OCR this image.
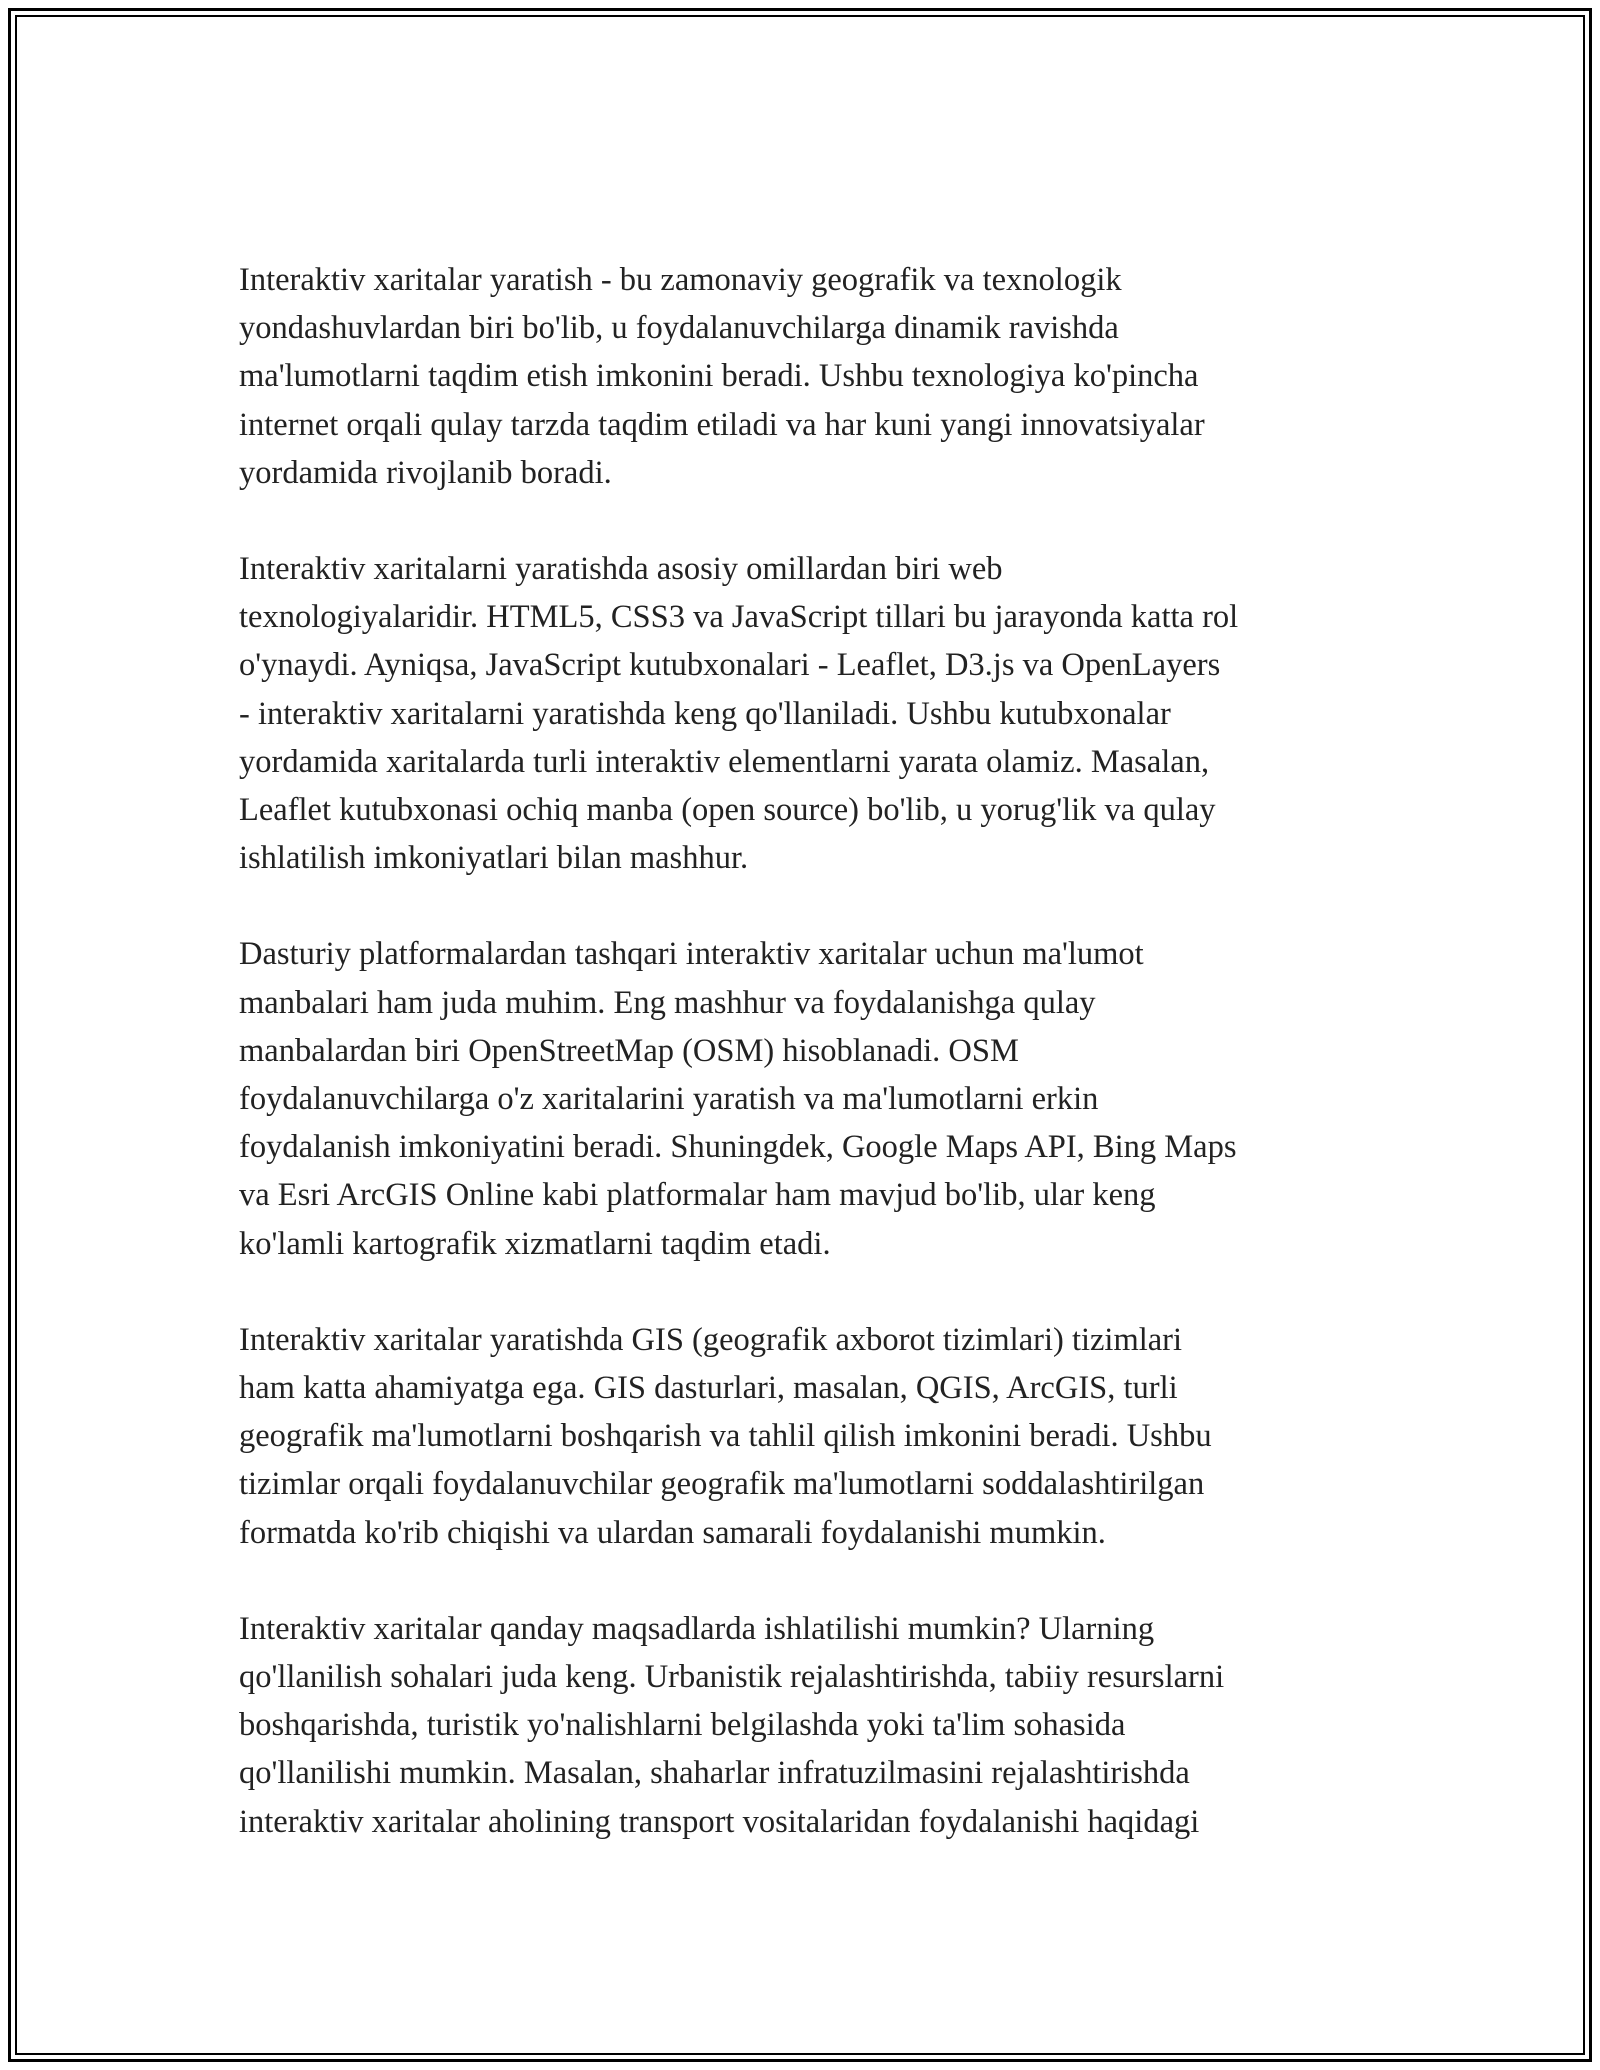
Interaktiv xaritalar yaratish - bu zamonaviy geografik va texnologik
yondashuvlardan biri bo'lib, u foydalanuvchilarga dinamik ravishda
ma'lumotlarni taqdim etish imkonini beradi. Ushbu texnologiya ko'pincha
internet orqali qulay tarzda taqdim etiladi va har kuni yangi innovatsiyalar
yordamida rivojlanib boradi.

Interaktiv xaritalarni yaratishda asosiy omillardan biri web
texnologiyalaridir. HTML5, CSS3 va JavaScript tillari bu jarayonda katta rol
o'ynaydi. Ayniqsa, JavaScript kutubxonalari - Leaflet, D3.js va OpenLayers
- interaktiv xaritalarni yaratishda keng qo'llaniladi. Ushbu kutubxonalar
yordamida xaritalarda turli interaktiv elementlarni yarata olamiz. Masalan,
Leaflet kutubxonasi ochiq manba (open source) bo'lib, u yorug'lik va qulay
ishlatilish imkoniyatlari bilan mashhur.

Dasturiy platformalardan tashqari interaktiv xaritalar uchun ma'lumot
manbalari ham juda muhim. Eng mashhur va foydalanishga qulay
manbalardan biri OpenStreetMap (OSM) hisoblanadi. OSM
foydalanuvchilarga o'z xaritalarini yaratish va ma'lumotlarni erkin
foydalanish imkoniyatini beradi. Shuningdek, Google Maps API, Bing Maps
va Esri ArcGIS Online kabi platformalar ham mavjud bo'lib, ular keng
ko'lamli kartografik xizmatlarni taqdim etadi.

Interaktiv xaritalar yaratishda GIS (geografik axborot tizimlari) tizimlari
ham katta ahamiyatga ega. GIS dasturlari, masalan, QGIS, ArcGIS, turli
geografik ma'lumotlarni boshqarish va tahlil qilish imkonini beradi. Ushbu
tizimlar orqali foydalanuvchilar geografik ma'lumotlarni soddalashtirilgan
formatda ko'rib chiqishi va ulardan samarali foydalanishi mumkin.

Interaktiv xaritalar qanday maqsadlarda ishlatilishi mumkin? Ularning
qo'llanilish sohalari juda keng. Urbanistik rejalashtirishda, tabiiy resurslarni
boshqarishda, turistik yo'nalishlarni belgilashda yoki ta'lim sohasida
qo'llanilishi mumkin. Masalan, shaharlar infratuzilmasini rejalashtirishda
interaktiv xaritalar aholining transport vositalaridan foydalanishi haqidagi
